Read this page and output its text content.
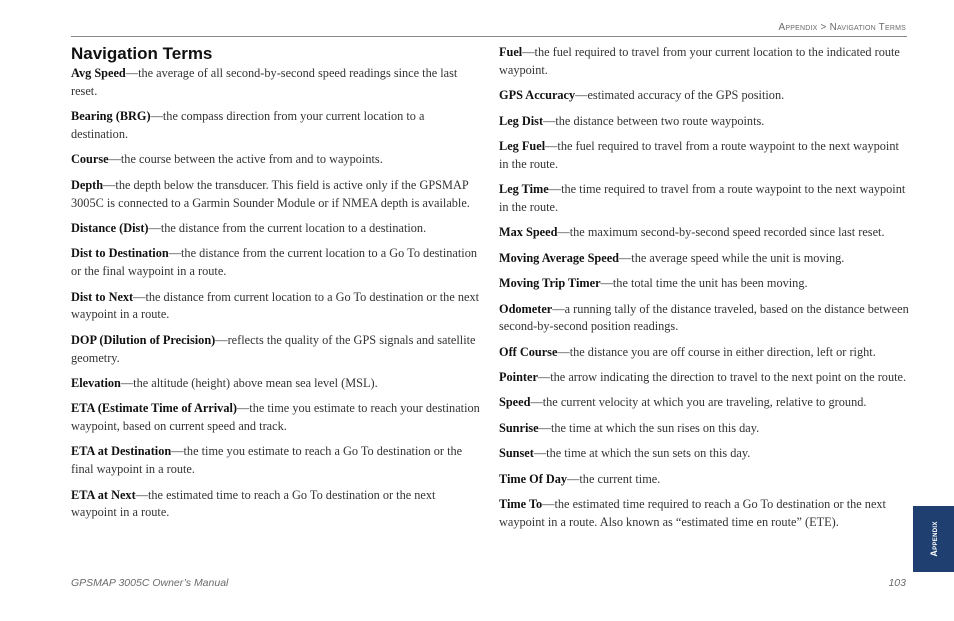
Appendix > Navigation Terms
Navigation Terms

Avg Speed—the average of all second-by-second speed readings since the last reset.

Bearing (BRG)—the compass direction from your current location to a destination.

Course—the course between the active from and to waypoints.

Depth—the depth below the transducer. This field is active only if the GPSMAP 3005C is connected to a Garmin Sounder Module or if NMEA depth is available.

Distance (Dist)—the distance from the current location to a destination.

Dist to Destination—the distance from the current location to a Go To destination or the final waypoint in a route.

Dist to Next—the distance from current location to a Go To destination or the next waypoint in a route.

DOP (Dilution of Precision)—reflects the quality of the GPS signals and satellite geometry.

Elevation—the altitude (height) above mean sea level (MSL).

ETA (Estimate Time of Arrival)—the time you estimate to reach your destination waypoint, based on current speed and track.

ETA at Destination—the time you estimate to reach a Go To destination or the final waypoint in a route.

ETA at Next—the estimated time to reach a Go To destination or the next waypoint in a route.

Fuel—the fuel required to travel from your current location to the indicated route waypoint.

GPS Accuracy—estimated accuracy of the GPS position.

Leg Dist—the distance between two route waypoints.

Leg Fuel—the fuel required to travel from a route waypoint to the next waypoint in the route.

Leg Time—the time required to travel from a route waypoint to the next waypoint in the route.

Max Speed—the maximum second-by-second speed recorded since last reset.

Moving Average Speed—the average speed while the unit is moving.

Moving Trip Timer—the total time the unit has been moving.

Odometer—a running tally of the distance traveled, based on the distance between second-by-second position readings.

Off Course—the distance you are off course in either direction, left or right.

Pointer—the arrow indicating the direction to travel to the next point on the route.

Speed—the current velocity at which you are traveling, relative to ground.

Sunrise—the time at which the sun rises on this day.

Sunset—the time at which the sun sets on this day.

Time Of Day—the current time.

Time To—the estimated time required to reach a Go To destination or the next waypoint in a route. Also known as “estimated time en route” (ETE).	Appendix
GPSMAP 3005C Owner’s Manual	103
